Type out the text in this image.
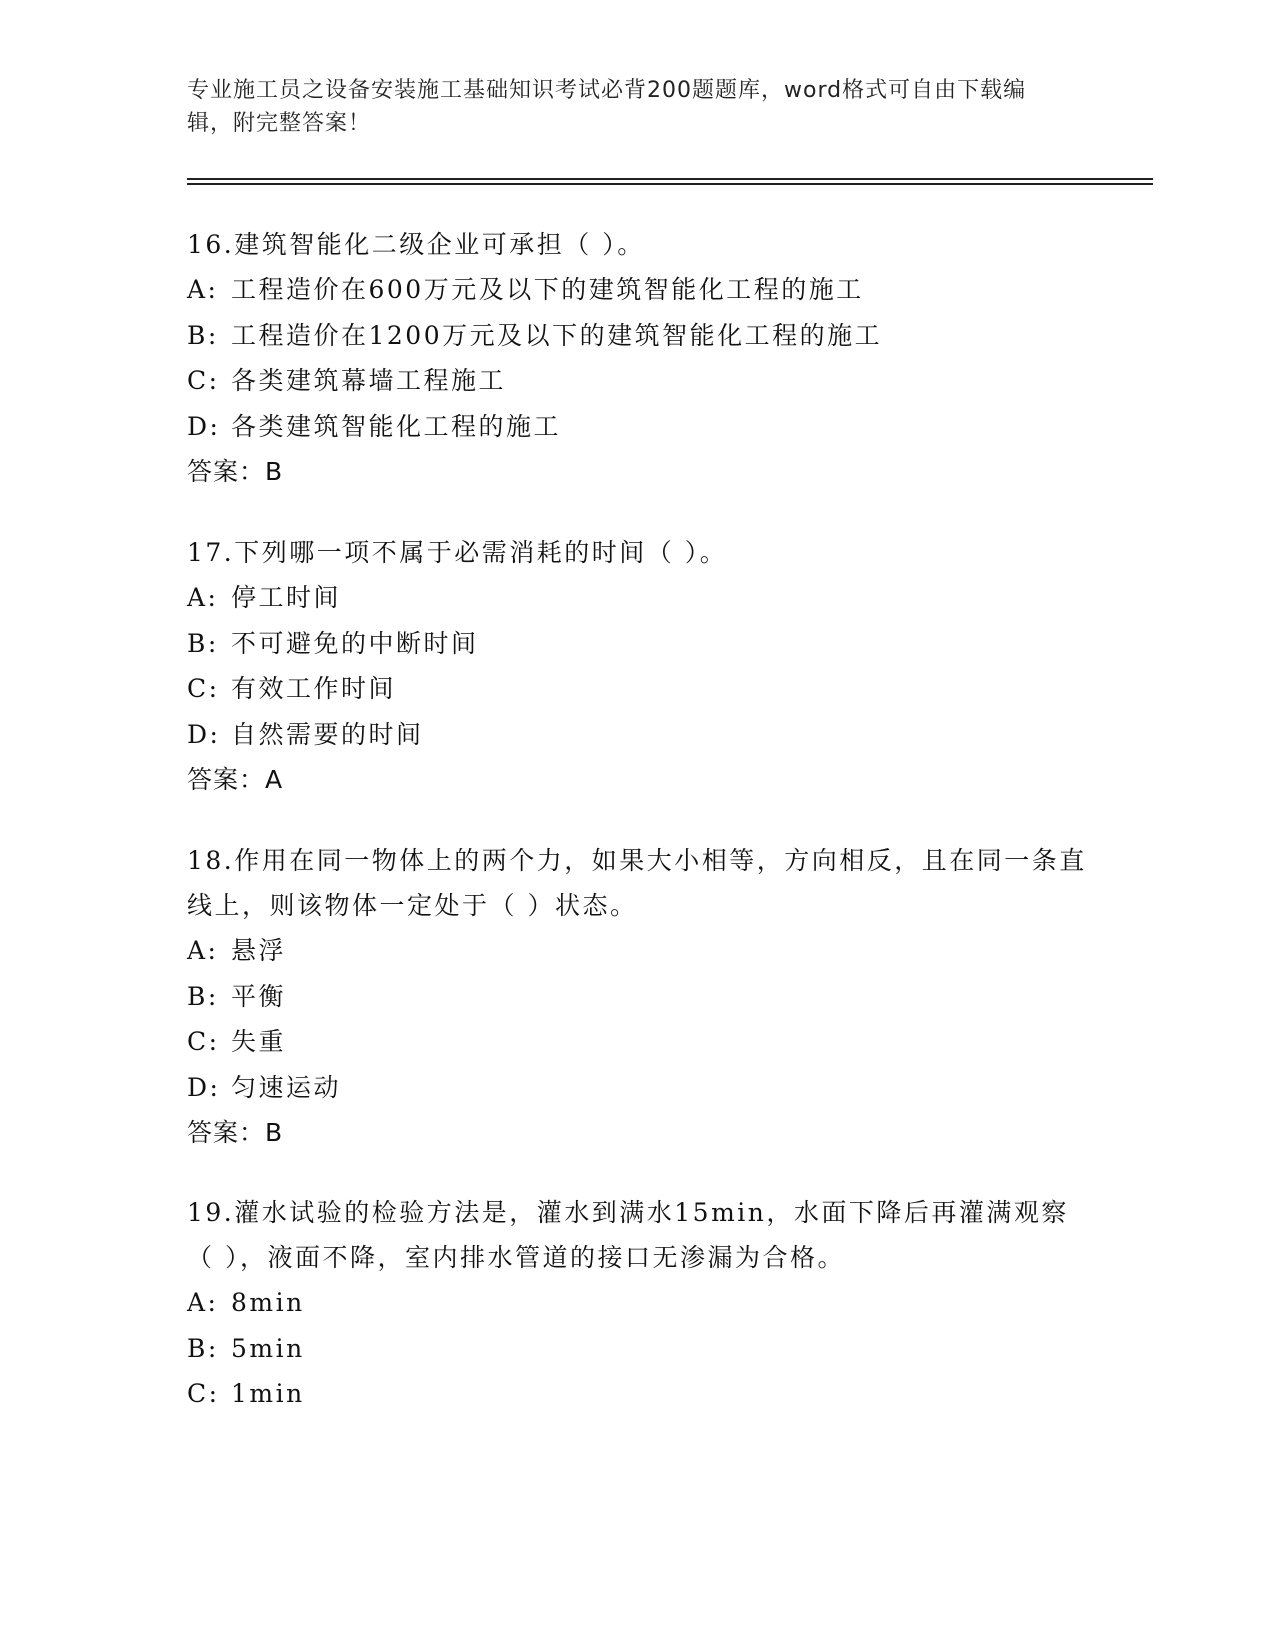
专业施工员之设备安装施工基础知识考试必背200题题库，word格式可自由下载编辑，附完整答案！

16.建筑智能化二级企业可承担（ ）。

A: 工程造价在600万元及以下的建筑智能化工程的施工
B: 工程造价在1200万元及以下的建筑智能化工程的施工
C: 各类建筑幕墙工程施工
D: 各类建筑智能化工程的施工
答案：B

17.下列哪一项不属于必需消耗的时间（ ）。

A: 停工时间
B: 不可避免的中断时间
C: 有效工作时间
D: 自然需要的时间
答案：A

18.作用在同一物体上的两个力，如果大小相等，方向相反，且在同一条直线上，则该物体一定处于（ ）状态。

A: 悬浮
B: 平衡
C: 失重
D: 匀速运动
答案：B

19.灌水试验的检验方法是，灌水到满水15min，水面下降后再灌满观察（ ），液面不降，室内排水管道的接口无渗漏为合格。

A: 8min
B: 5min
C: 1min
